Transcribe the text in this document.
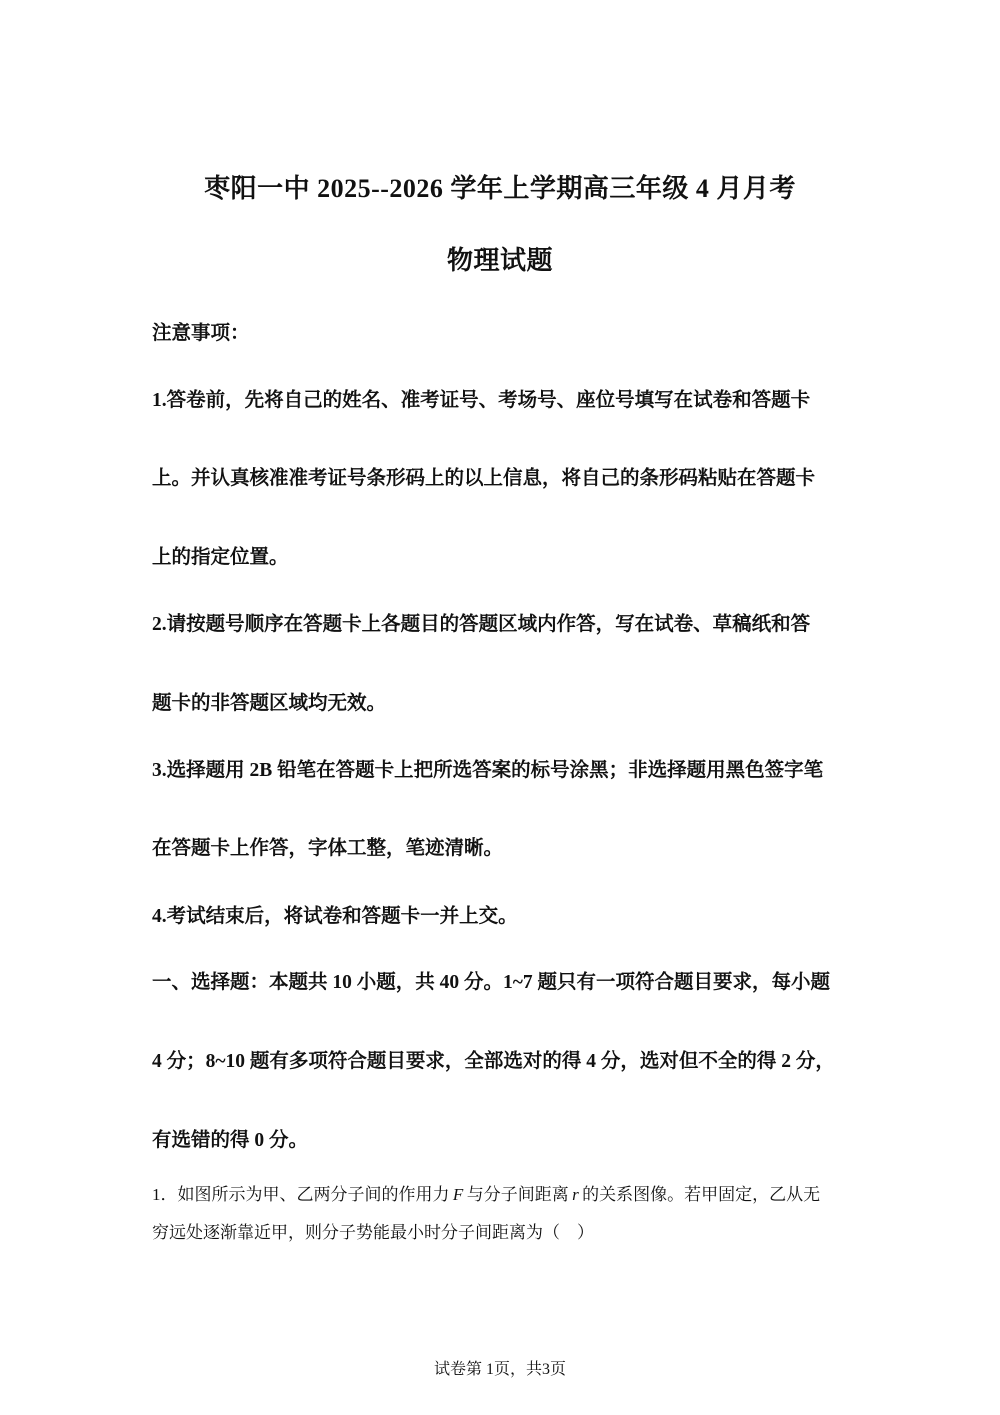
枣阳一中 2025--2026 学年上学期高三年级 4 月月考
物理试题
注意事项：
1.答卷前，先将自己的姓名、准考证号、考场号、座位号填写在试卷和答题卡
上。并认真核准准考证号条形码上的以上信息，将自己的条形码粘贴在答题卡
上的指定位置。
2.请按题号顺序在答题卡上各题目的答题区域内作答，写在试卷、草稿纸和答
题卡的非答题区域均无效。
3.选择题用 2B 铅笔在答题卡上把所选答案的标号涂黑；非选择题用黑色签字笔
在答题卡上作答，字体工整，笔迹清晰。
4.考试结束后，将试卷和答题卡一并上交。
一、选择题：本题共 10 小题，共 40 分。1~7 题只有一项符合题目要求，每小题
4 分；8~10 题有多项符合题目要求，全部选对的得 4 分，选对但不全的得 2 分，
有选错的得 0 分。
1．如图所示为甲、乙两分子间的作用力  F  与分子间距离  r  的关系图像。若甲固定，乙从无
穷远处逐渐靠近甲，则分子势能最小时分子间距离为（　）
试卷第 1页，共3页
